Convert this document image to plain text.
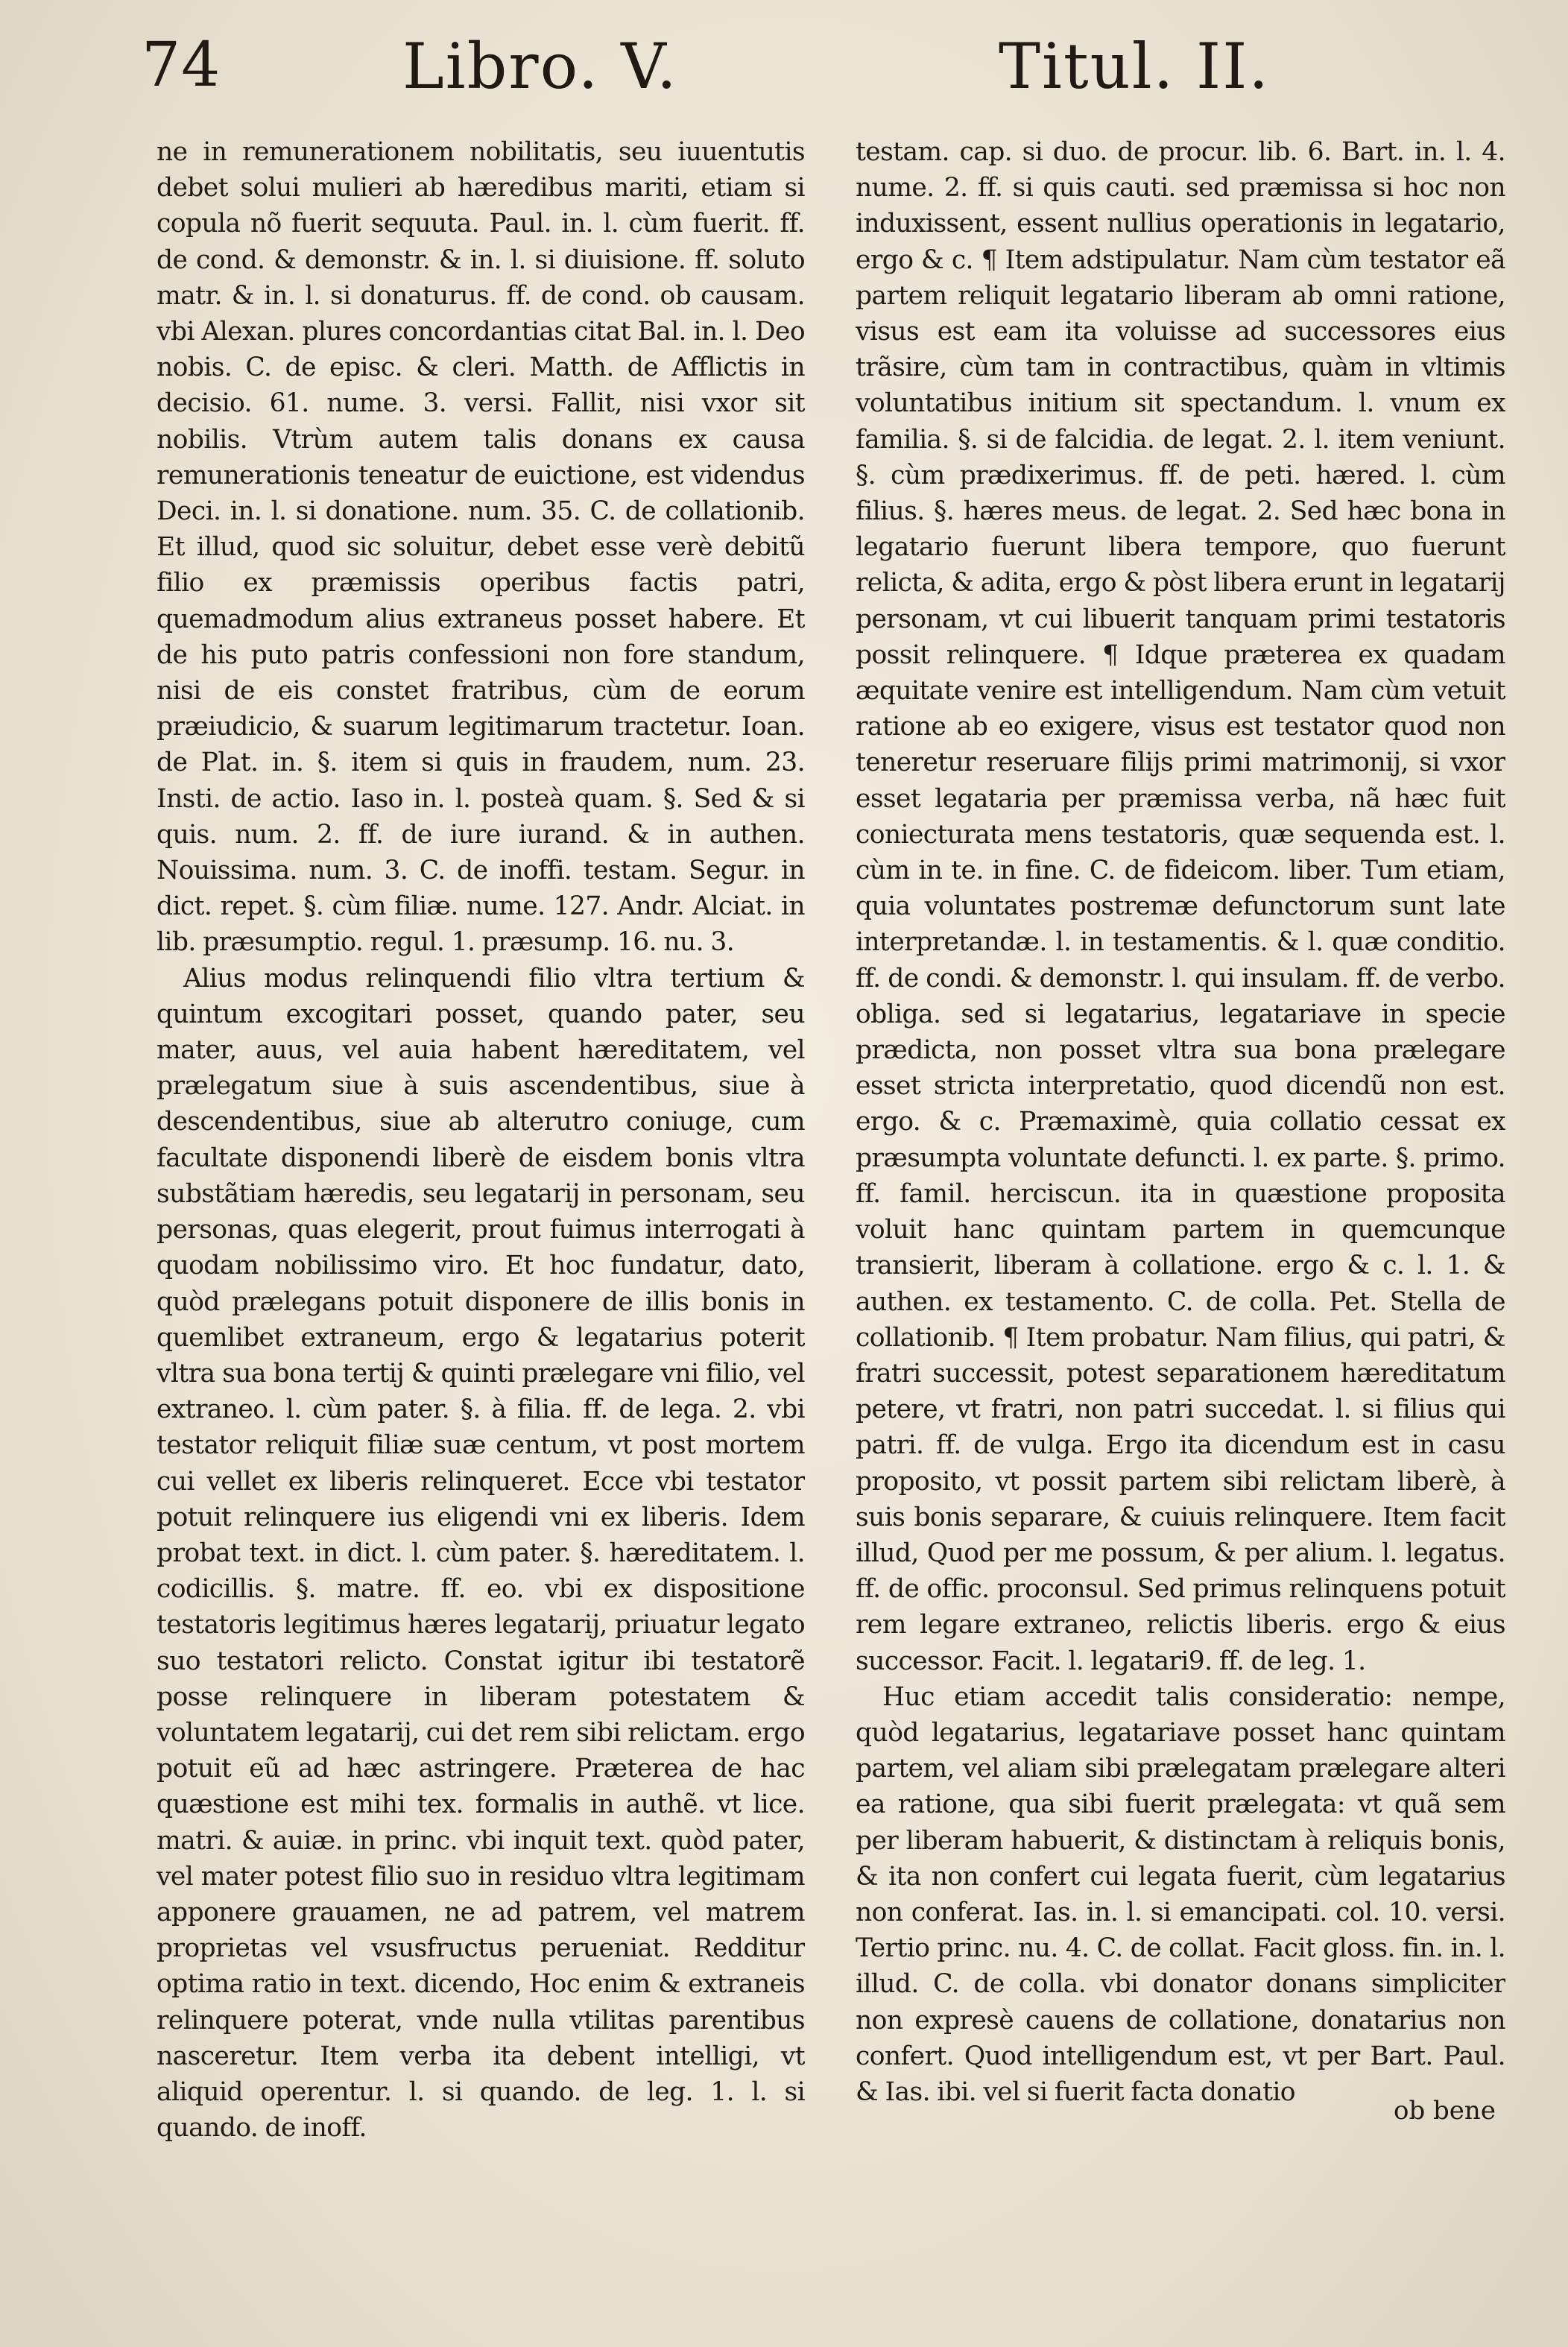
74	Libro. V.	Titul. II.

ne in remunerationem nobilitatis, seu iuuentutis debet solui mulieri ab hæredibus mariti, etiam si copula nõ fuerit sequuta. Paul. in. l. cùm fuerit. ff. de cond. & demonstr. & in. l. si diuisione. ff. soluto matr. & in. l. si donaturus. ff. de cond. ob causam. vbi Alexan. plures concordantias citat Bal. in. l. Deo nobis. C. de episc. & cleri. Matth. de Afflictis in decisio. 61. nume. 3. versi. Fallit, nisi vxor sit nobilis. Vtrùm autem talis donans ex causa remunerationis teneatur de euictione, est videndus Deci. in. l. si donatione. num. 35. C. de collationib. Et illud, quod sic soluitur, debet esse verè debitũ filio ex præmissis operibus factis patri, quemadmodum alius extraneus posset habere. Et de his puto patris confessioni non fore standum, nisi de eis constet fratribus, cùm de eorum præiudicio, & suarum legitimarum tractetur. Ioan. de Plat. in. §. item si quis in fraudem, num. 23. Insti. de actio. Iaso in. l. posteà quam. §. Sed & si quis. num. 2. ff. de iure iurand. & in authen. Nouissima. num. 3. C. de inoffi. testam. Segur. in dict. repet. §. cùm filiæ. nume. 127. Andr. Alciat. in lib. præsumptio. regul. 1. præsump. 16. nu. 3.

Alius modus relinquendi filio vltra tertium & quintum excogitari posset, quando pater, seu mater, auus, vel auia habent hæreditatem, vel prælegatum siue à suis ascendentibus, siue à descendentibus, siue ab alterutro coniuge, cum facultate disponendi liberè de eisdem bonis vltra substãtiam hæredis, seu legatarij in personam, seu personas, quas elegerit, prout fuimus interrogati à quodam nobilissimo viro. Et hoc fundatur, dato, quòd prælegans potuit disponere de illis bonis in quemlibet extraneum, ergo & legatarius poterit vltra sua bona tertij & quinti prælegare vni filio, vel extraneo. l. cùm pater. §. à filia. ff. de lega. 2. vbi testator reliquit filiæ suæ centum, vt post mortem cui vellet ex liberis relinqueret. Ecce vbi testator potuit relinquere ius eligendi vni ex liberis. Idem probat text. in dict. l. cùm pater. §. hæreditatem. l. codicillis. §. matre. ff. eo. vbi ex dispositione testatoris legitimus hæres legatarij, priuatur legato suo testatori relicto. Constat igitur ibi testatorẽ posse relinquere in liberam potestatem & voluntatem legatarij, cui det rem sibi relictam. ergo potuit eũ ad hæc astringere. Præterea de hac quæstione est mihi tex. formalis in authẽ. vt lice. matri. & auiæ. in princ. vbi inquit text. quòd pater, vel mater potest filio suo in residuo vltra legitimam apponere grauamen, ne ad patrem, vel matrem proprietas vel vsusfructus perueniat. Redditur optima ratio in text. dicendo, Hoc enim & extraneis relinquere poterat, vnde nulla vtilitas parentibus nasceretur. Item verba ita debent intelligi, vt aliquid operentur. l. si quando. de leg. 1. l. si quando. de inoff.

testam. cap. si duo. de procur. lib. 6. Bart. in. l. 4. nume. 2. ff. si quis cauti. sed præmissa si hoc non induxissent, essent nullius operationis in legatario, ergo & c. ¶ Item adstipulatur. Nam cùm testator eã partem reliquit legatario liberam ab omni ratione, visus est eam ita voluisse ad successores eius trãsire, cùm tam in contractibus, quàm in vltimis voluntatibus initium sit spectandum. l. vnum ex familia. §. si de falcidia. de legat. 2. l. item veniunt. §. cùm prædixerimus. ff. de peti. hæred. l. cùm filius. §. hæres meus. de legat. 2. Sed hæc bona in legatario fuerunt libera tempore, quo fuerunt relicta, & adita, ergo & pòst libera erunt in legatarij personam, vt cui libuerit tanquam primi testatoris possit relinquere. ¶ Idque præterea ex quadam æquitate venire est intelligendum. Nam cùm vetuit ratione ab eo exigere, visus est testator quod non teneretur reseruare filijs primi matrimonij, si vxor esset legataria per præmissa verba, nã hæc fuit coniecturata mens testatoris, quæ sequenda est. l. cùm in te. in fine. C. de fideicom. liber. Tum etiam, quia voluntates postremæ defunctorum sunt late interpretandæ. l. in testamentis. & l. quæ conditio. ff. de condi. & demonstr. l. qui insulam. ff. de verbo. obliga. sed si legatarius, legatariave in specie prædicta, non posset vltra sua bona prælegare esset stricta interpretatio, quod dicendũ non est. ergo. & c. Præmaximè, quia collatio cessat ex præsumpta voluntate defuncti. l. ex parte. §. primo. ff. famil. herciscun. ita in quæstione proposita voluit hanc quintam partem in quemcunque transierit, liberam à collatione. ergo & c. l. 1. & authen. ex testamento. C. de colla. Pet. Stella de collationib. ¶ Item probatur. Nam filius, qui patri, & fratri successit, potest separationem hæreditatum petere, vt fratri, non patri succedat. l. si filius qui patri. ff. de vulga. Ergo ita dicendum est in casu proposito, vt possit partem sibi relictam liberè, à suis bonis separare, & cuiuis relinquere. Item facit illud, Quod per me possum, & per alium. l. legatus. ff. de offic. proconsul. Sed primus relinquens potuit rem legare extraneo, relictis liberis. ergo & eius successor. Facit. l. legatari9. ff. de leg. 1.

Huc etiam accedit talis consideratio: nempe, quòd legatarius, legatariave posset hanc quintam partem, vel aliam sibi prælegatam prælegare alteri ea ratione, qua sibi fuerit prælegata: vt quã sem per liberam habuerit, & distinctam à reliquis bonis, & ita non confert cui legata fuerit, cùm legatarius non conferat. Ias. in. l. si emancipati. col. 10. versi. Tertio princ. nu. 4. C. de collat. Facit gloss. fin. in. l. illud. C. de colla. vbi donator donans simpliciter non expresè cauens de collatione, donatarius non confert. Quod intelligendum est, vt per Bart. Paul. & Ias. ibi. vel si fuerit facta donatio

ob bene
